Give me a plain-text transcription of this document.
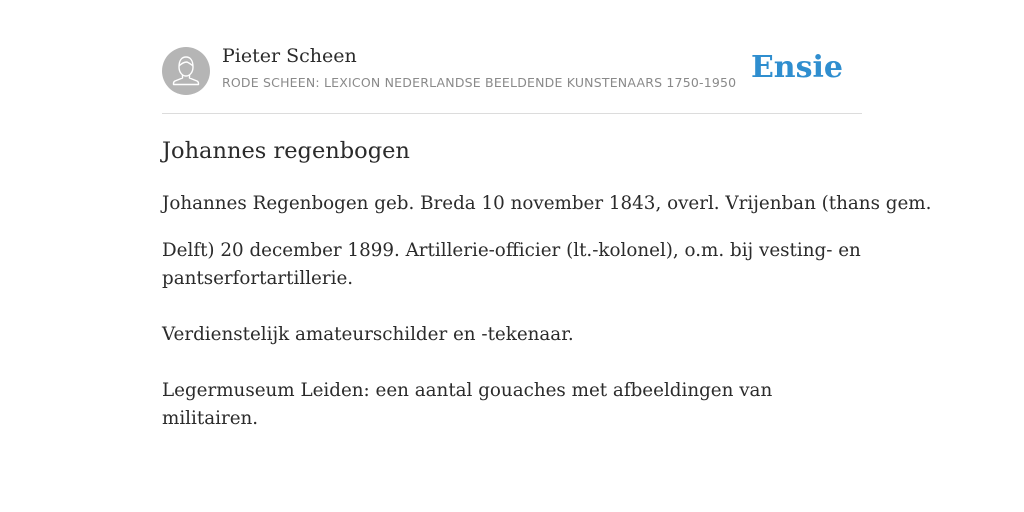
Pieter Scheen
RODE SCHEEN: LEXICON NEDERLANDSE BEELDENDE KUNSTENAARS 1750-1950 Ensie
Johannes regenbogen

Johannes Regenbogen geb. Breda 10 november 1843, overl. Vrijenban (thans gem.

Delft) 20 december 1899. Artillerie-officier (lt.-kolonel), o.m. bij vesting- en pantserfortartillerie.

Verdienstelijk amateurschilder en -tekenaar.

Legermuseum Leiden: een aantal gouaches met afbeeldingen van militairen.
